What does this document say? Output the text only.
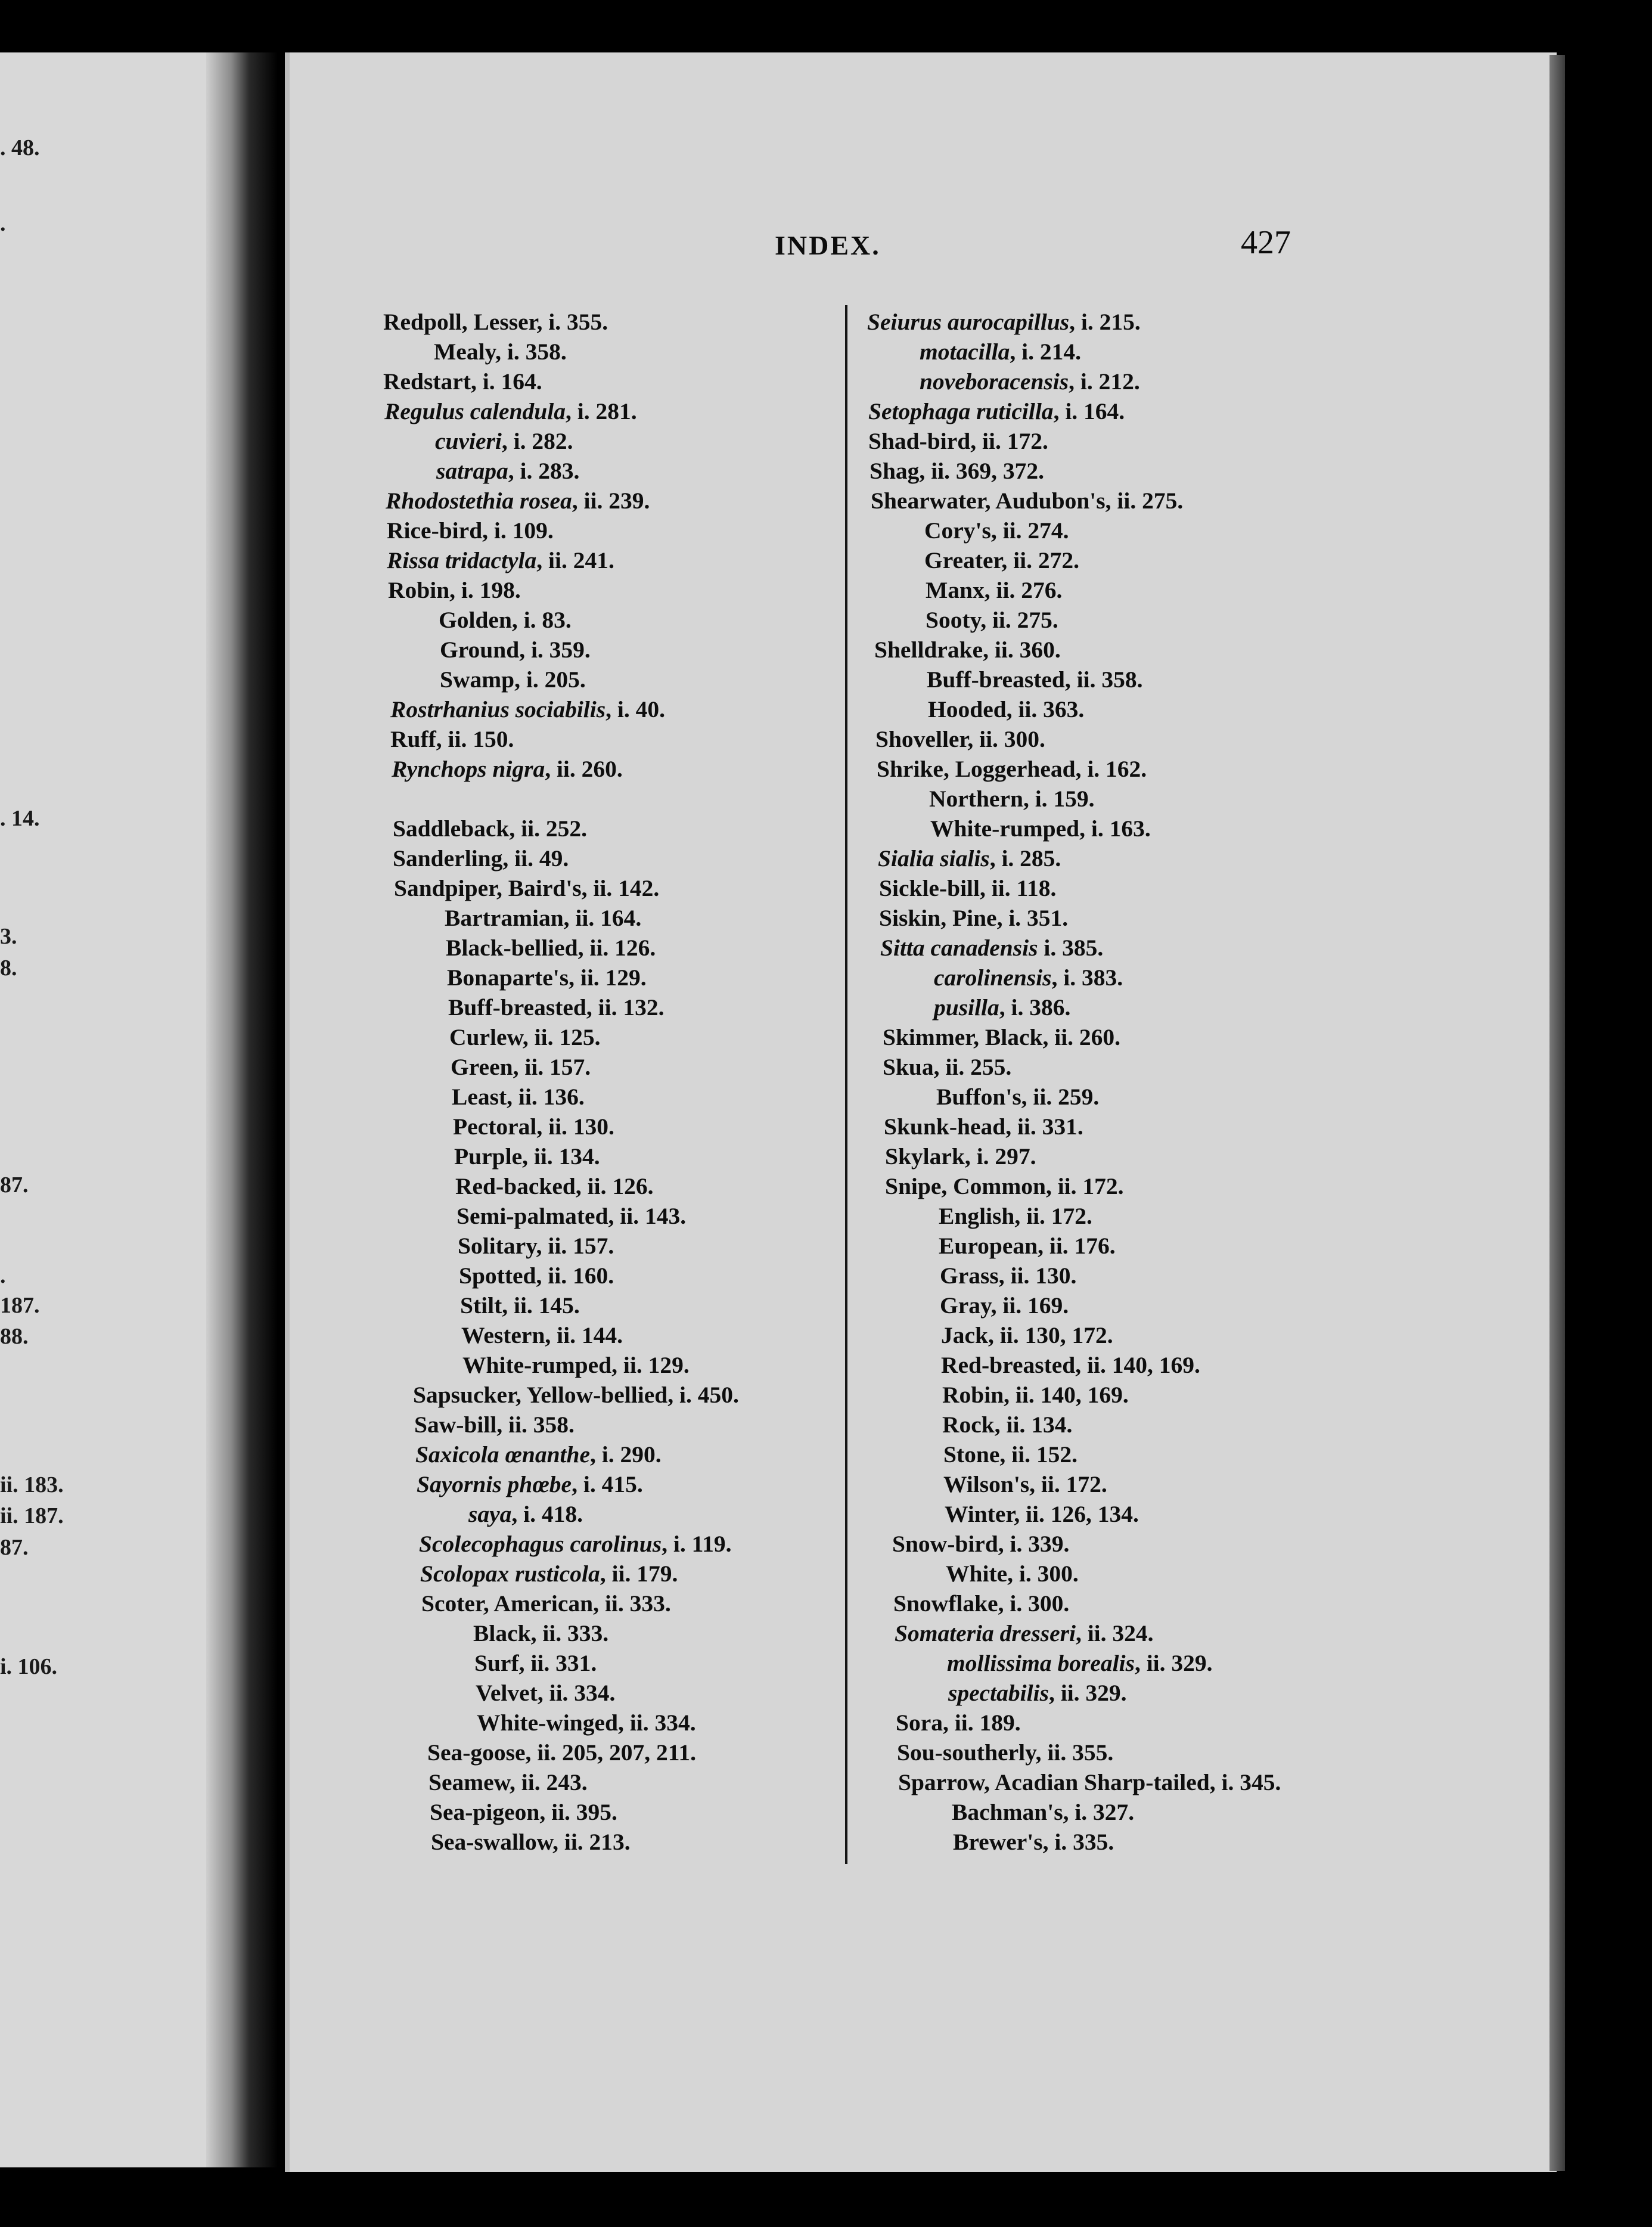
. 48.
.
. 14.
3.
8.
87.
.
187.
88.
ii. 183.
ii. 187.
87.
i. 106.
INDEX.	427
Redpoll, Lesser, i. 355.
Mealy, i. 358.
Redstart, i. 164.
Regulus calendula, i. 281.
cuvieri, i. 282.
satrapa, i. 283.
Rhodostethia rosea, ii. 239.
Rice-bird, i. 109.
Rissa tridactyla, ii. 241.
Robin, i. 198.
Golden, i. 83.
Ground, i. 359.
Swamp, i. 205.
Rostrhanius sociabilis, i. 40.
Ruff, ii. 150.
Rynchops nigra, ii. 260.
Saddleback, ii. 252.
Sanderling, ii. 49.
Sandpiper, Baird's, ii. 142.
Bartramian, ii. 164.
Black-bellied, ii. 126.
Bonaparte's, ii. 129.
Buff-breasted, ii. 132.
Curlew, ii. 125.
Green, ii. 157.
Least, ii. 136.
Pectoral, ii. 130.
Purple, ii. 134.
Red-backed, ii. 126.
Semi-palmated, ii. 143.
Solitary, ii. 157.
Spotted, ii. 160.
Stilt, ii. 145.
Western, ii. 144.
White-rumped, ii. 129.
Sapsucker, Yellow-bellied, i. 450.
Saw-bill, ii. 358.
Saxicola œnanthe, i. 290.
Sayornis phœbe, i. 415.
saya, i. 418.
Scolecophagus carolinus, i. 119.
Scolopax rusticola, ii. 179.
Scoter, American, ii. 333.
Black, ii. 333.
Surf, ii. 331.
Velvet, ii. 334.
White-winged, ii. 334.
Sea-goose, ii. 205, 207, 211.
Seamew, ii. 243.
Sea-pigeon, ii. 395.
Sea-swallow, ii. 213.
Seiurus aurocapillus, i. 215.
motacilla, i. 214.
noveboracensis, i. 212.
Setophaga ruticilla, i. 164.
Shad-bird, ii. 172.
Shag, ii. 369, 372.
Shearwater, Audubon's, ii. 275.
Cory's, ii. 274.
Greater, ii. 272.
Manx, ii. 276.
Sooty, ii. 275.
Shelldrake, ii. 360.
Buff-breasted, ii. 358.
Hooded, ii. 363.
Shoveller, ii. 300.
Shrike, Loggerhead, i. 162.
Northern, i. 159.
White-rumped, i. 163.
Sialia sialis, i. 285.
Sickle-bill, ii. 118.
Siskin, Pine, i. 351.
Sitta canadensis i. 385.
carolinensis, i. 383.
pusilla, i. 386.
Skimmer, Black, ii. 260.
Skua, ii. 255.
Buffon's, ii. 259.
Skunk-head, ii. 331.
Skylark, i. 297.
Snipe, Common, ii. 172.
English, ii. 172.
European, ii. 176.
Grass, ii. 130.
Gray, ii. 169.
Jack, ii. 130, 172.
Red-breasted, ii. 140, 169.
Robin, ii. 140, 169.
Rock, ii. 134.
Stone, ii. 152.
Wilson's, ii. 172.
Winter, ii. 126, 134.
Snow-bird, i. 339.
White, i. 300.
Snowflake, i. 300.
Somateria dresseri, ii. 324.
mollissima borealis, ii. 329.
spectabilis, ii. 329.
Sora, ii. 189.
Sou-southerly, ii. 355.
Sparrow, Acadian Sharp-tailed, i. 345.
Bachman's, i. 327.
Brewer's, i. 335.
